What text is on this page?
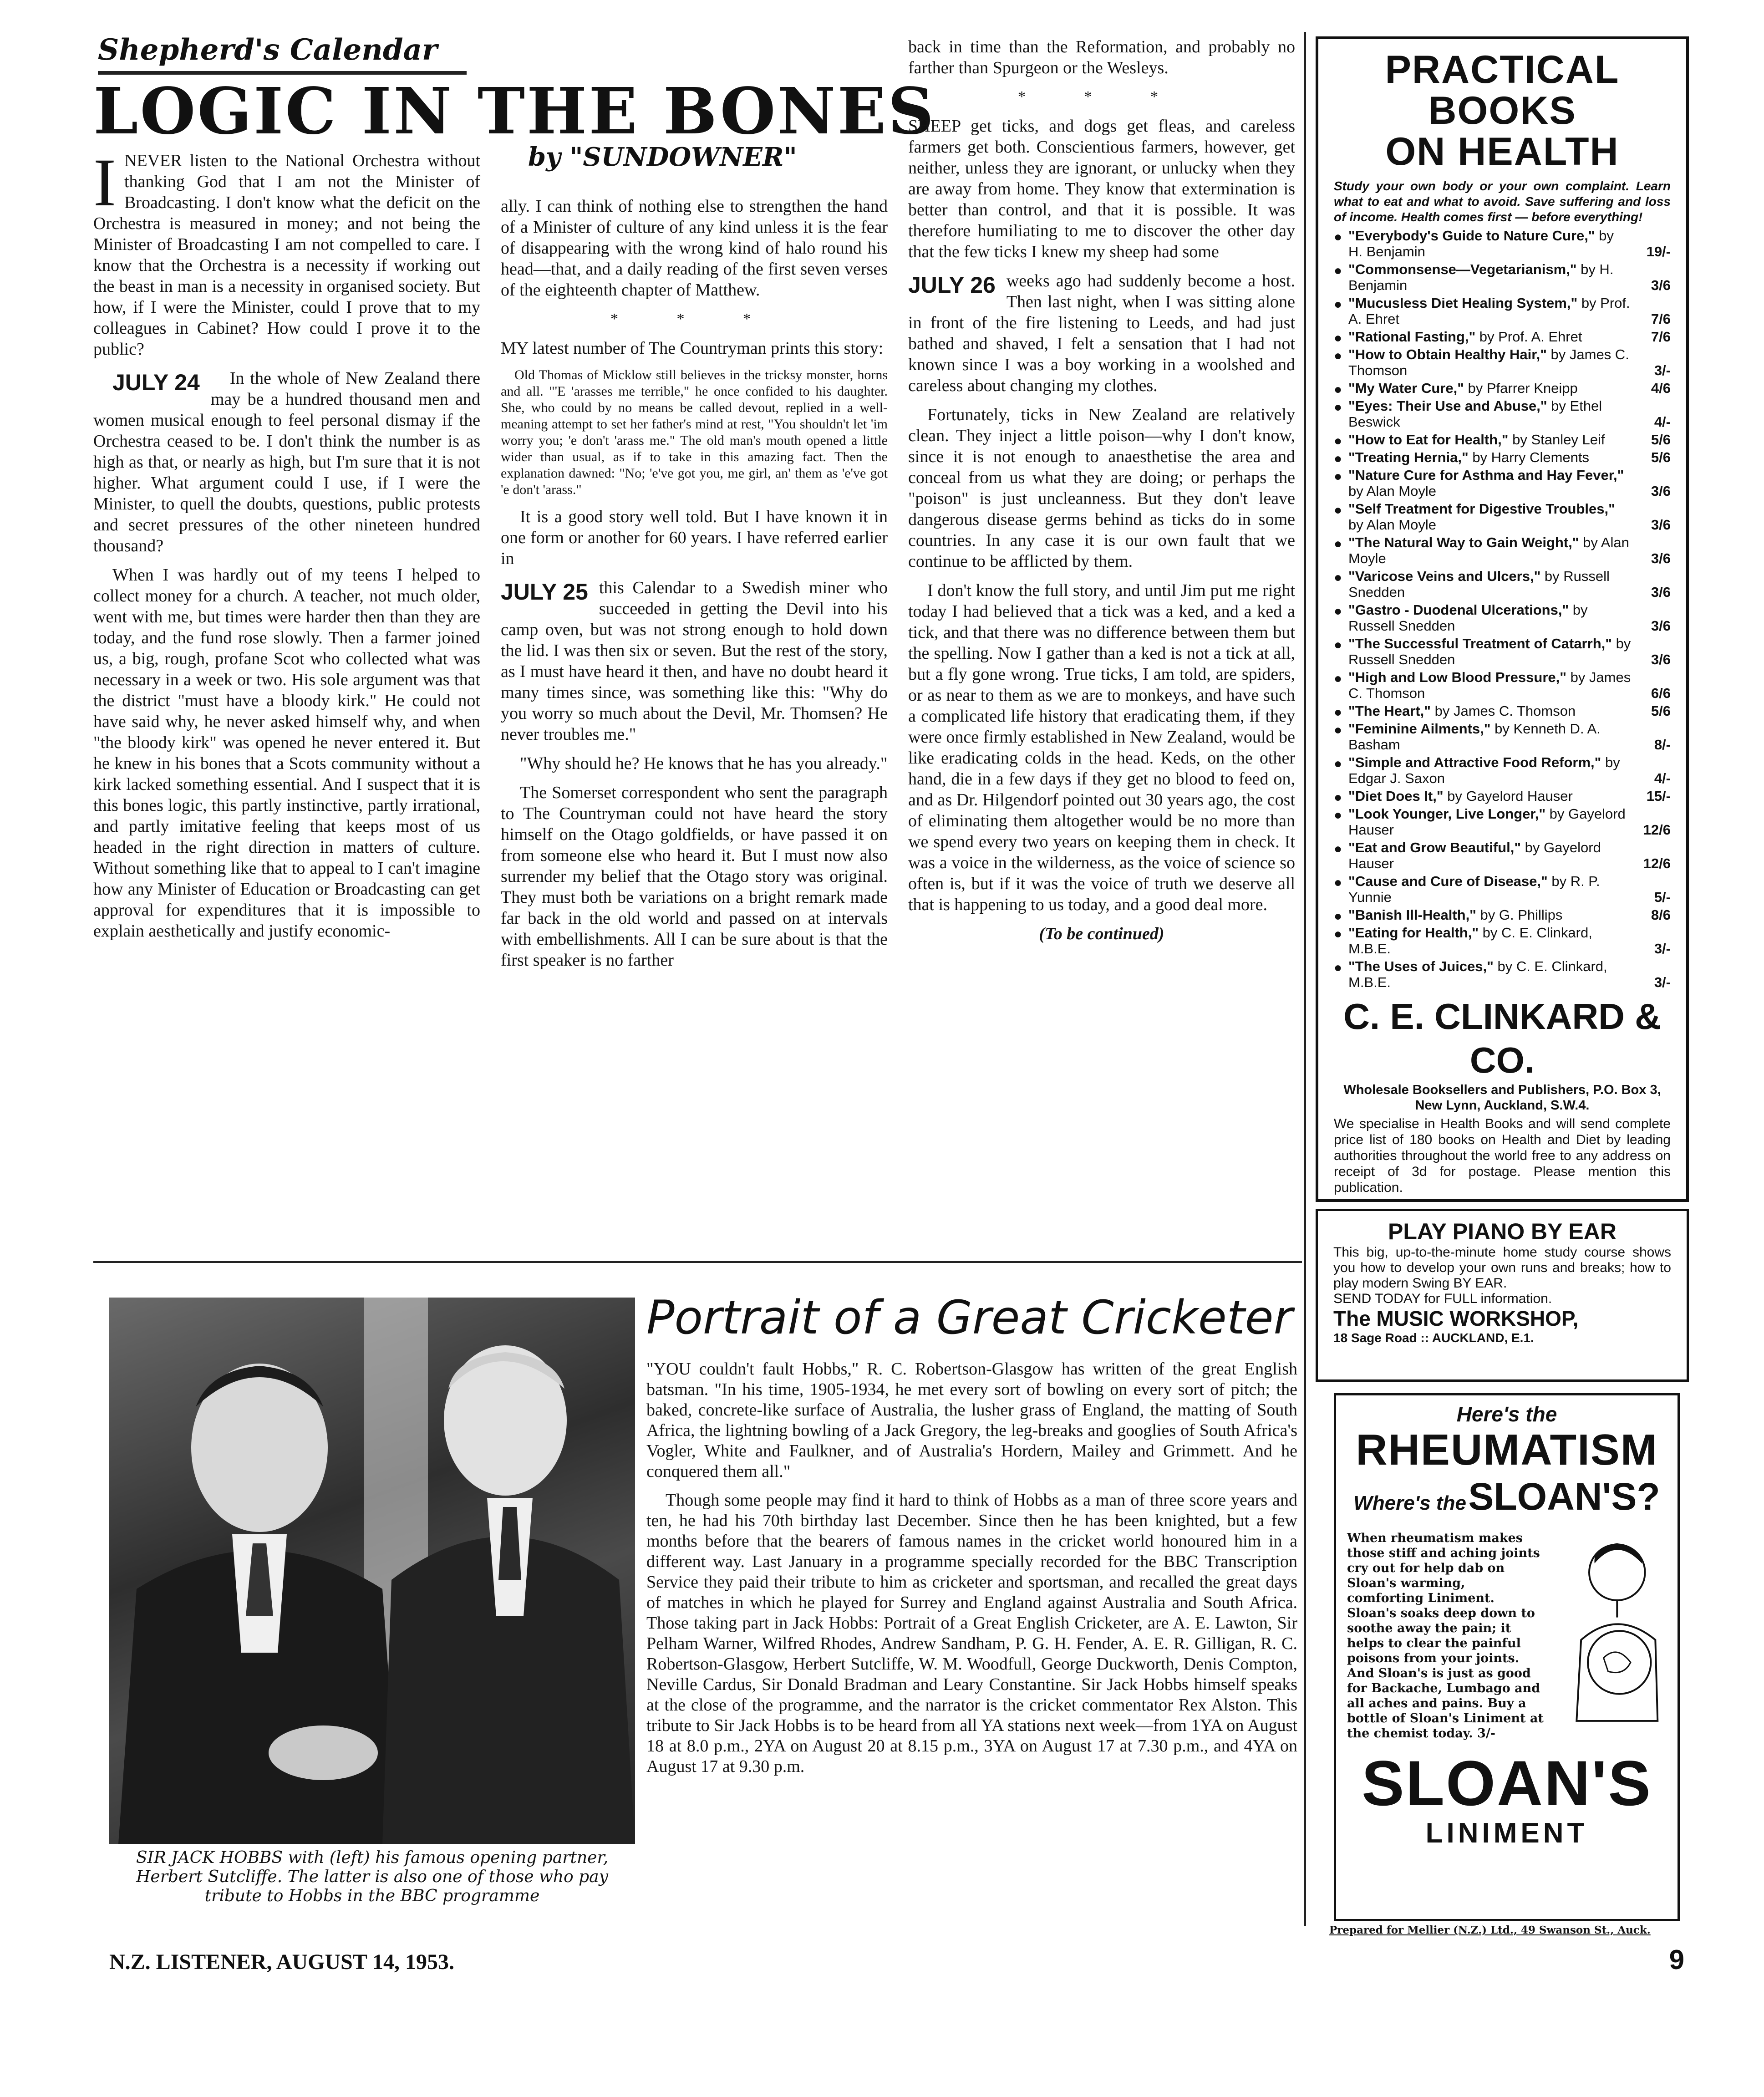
Shepherd's Calendar
LOGIC IN THE BONES
by "SUNDOWNER"

I NEVER listen to the National Orchestra without thanking God that I am not the Minister of Broadcasting. I don't know what the deficit on the Orchestra is measured in money; and not being the Minister of Broadcasting I am not compelled to care. I know that the Orchestra is a necessity if working out the beast in man is a necessity in organised society. But how, if I were the Minister, could I prove that to my colleagues in Cabinet? How could I prove it to the public?

JULY 24 In the whole of New Zealand there may be a hundred thousand men and women musical enough to feel personal dismay if the Orchestra ceased to be. I don't think the number is as high as that, or nearly as high, but I'm sure that it is not higher. What argument could I use, if I were the Minister, to quell the doubts, questions, public protests and secret pressures of the other nineteen hundred thousand?

When I was hardly out of my teens I helped to collect money for a church. A teacher, not much older, went with me, but times were harder then than they are today, and the fund rose slowly. Then a farmer joined us, a big, rough, profane Scot who collected what was necessary in a week or two. His sole argument was that the district "must have a bloody kirk." He could not have said why, he never asked himself why, and when "the bloody kirk" was opened he never entered it. But he knew in his bones that a Scots community without a kirk lacked something essential. And I suspect that it is this bones logic, this partly instinctive, partly irrational, and partly imitative feeling that keeps most of us headed in the right direction in matters of culture. Without something like that to appeal to I can't imagine how any Minister of Education or Broadcasting can get approval for expenditures that it is impossible to explain aesthetically and justify economic-

ally. I can think of nothing else to strengthen the hand of a Minister of culture of any kind unless it is the fear of disappearing with the wrong kind of halo round his head—that, and a daily reading of the first seven verses of the eighteenth chapter of Matthew.

* * *

MY latest number of The Countryman prints this story:

Old Thomas of Micklow still believes in the tricksy monster, horns and all. "'E 'arasses me terrible," he once confided to his daughter. She, who could by no means be called devout, replied in a well-meaning attempt to set her father's mind at rest, "You shouldn't let 'im worry you; 'e don't 'arass me." The old man's mouth opened a little wider than usual, as if to take in this amazing fact. Then the explanation dawned: "No; 'e've got you, me girl, an' them as 'e've got 'e don't 'arass."

It is a good story well told. But I have known it in one form or another for 60 years. I have referred earlier in

JULY 25 this Calendar to a Swedish miner who succeeded in getting the Devil into his camp oven, but was not strong enough to hold down the lid. I was then six or seven. But the rest of the story, as I must have heard it then, and have no doubt heard it many times since, was something like this: "Why do you worry so much about the Devil, Mr. Thomsen? He never troubles me."

"Why should he? He knows that he has you already."

The Somerset correspondent who sent the paragraph to The Countryman could not have heard the story himself on the Otago goldfields, or have passed it on from someone else who heard it. But I must now also surrender my belief that the Otago story was original. They must both be variations on a bright remark made far back in the old world and passed on at intervals with embellishments. All I can be sure about is that the first speaker is no farther

back in time than the Reformation, and probably no farther than Spurgeon or the Wesleys.

* * *

SHEEP get ticks, and dogs get fleas, and careless farmers get both. Conscientious farmers, however, get neither, unless they are ignorant, or unlucky when they are away from home. They know that extermination is better than control, and that it is possible. It was therefore humiliating to me to discover the other day that the few ticks I knew my sheep had some

JULY 26 weeks ago had suddenly become a host. Then last night, when I was sitting alone in front of the fire listening to Leeds, and had just bathed and shaved, I felt a sensation that I had not known since I was a boy working in a woolshed and careless about changing my clothes.

Fortunately, ticks in New Zealand are relatively clean. They inject a little poison—why I don't know, since it is not enough to anaesthetise the area and conceal from us what they are doing; or perhaps the "poison" is just uncleanness. But they don't leave dangerous disease germs behind as ticks do in some countries. In any case it is our own fault that we continue to be afflicted by them.

I don't know the full story, and until Jim put me right today I had believed that a tick was a ked, and a ked a tick, and that there was no difference between them but the spelling. Now I gather than a ked is not a tick at all, but a fly gone wrong. True ticks, I am told, are spiders, or as near to them as we are to monkeys, and have such a complicated life history that eradicating them, if they were once firmly established in New Zealand, would be like eradicating colds in the head. Keds, on the other hand, die in a few days if they get no blood to feed on, and as Dr. Hilgendorf pointed out 30 years ago, the cost of eliminating them altogether would be no more than we spend every two years on keeping them in check. It was a voice in the wilderness, as the voice of science so often is, but if it was the voice of truth we deserve all that is happening to us today, and a good deal more.

(To be continued)
PRACTICAL BOOKS
ON HEALTH
Study your own body or your own complaint. Learn what to eat and what to avoid. Save suffering and loss of income. Health comes first — before everything!
● "Everybody's Guide to Nature Cure," by H. Benjamin	19/-
● "Commonsense—Vegetarianism," by H. Benjamin	3/6
● "Mucusless Diet Healing System," by Prof. A. Ehret	7/6
● "Rational Fasting," by Prof. A. Ehret	7/6
● "How to Obtain Healthy Hair," by James C. Thomson	3/-
● "My Water Cure," by Pfarrer Kneipp	4/6
● "Eyes: Their Use and Abuse," by Ethel Beswick	4/-
● "How to Eat for Health," by Stanley Leif	5/6
● "Treating Hernia," by Harry Clements	5/6
● "Nature Cure for Asthma and Hay Fever," by Alan Moyle	3/6
● "Self Treatment for Digestive Troubles," by Alan Moyle	3/6
● "The Natural Way to Gain Weight," by Alan Moyle	3/6
● "Varicose Veins and Ulcers," by Russell Snedden	3/6
● "Gastro - Duodenal Ulcerations," by Russell Snedden	3/6
● "The Successful Treatment of Catarrh," by Russell Snedden	3/6
● "High and Low Blood Pressure," by James C. Thomson	6/6
● "The Heart," by James C. Thomson	5/6
● "Feminine Ailments," by Kenneth D. A. Basham	8/-
● "Simple and Attractive Food Reform," by Edgar J. Saxon	4/-
● "Diet Does It," by Gayelord Hauser	15/-
● "Look Younger, Live Longer," by Gayelord Hauser	12/6
● "Eat and Grow Beautiful," by Gayelord Hauser	12/6
● "Cause and Cure of Disease," by R. P. Yunnie	5/-
● "Banish Ill-Health," by G. Phillips	8/6
● "Eating for Health," by C. E. Clinkard, M.B.E.	3/-
● "The Uses of Juices," by C. E. Clinkard, M.B.E.	3/-
C. E. CLINKARD & CO.
Wholesale Booksellers and Publishers, P.O. Box 3, New Lynn, Auckland, S.W.4.
We specialise in Health Books and will send complete price list of 180 books on Health and Diet by leading authorities throughout the world free to any address on receipt of 3d for postage. Please mention this publication.
PLAY PIANO BY EAR
This big, up-to-the-minute home study course shows you how to develop your own runs and breaks; how to play modern Swing BY EAR.
SEND TODAY for FULL information.
The MUSIC WORKSHOP,
18 Sage Road :: AUCKLAND, E.1.
Here's the
RHEUMATISM
Where's the SLOAN'S?
When rheumatism makes those stiff and aching joints cry out for help dab on Sloan's warming, comforting Liniment. Sloan's soaks deep down to soothe away the pain; it helps to clear the painful poisons from your joints. And Sloan's is just as good for Backache, Lumbago and all aches and pains. Buy a bottle of Sloan's Liniment at the chemist today. 3/-
SLOAN'S
LINIMENT
Prepared for Mellier (N.Z.) Ltd., 49 Swanson St., Auck.
SIR JACK HOBBS with (left) his famous opening partner, Herbert Sutcliffe. The latter is also one of those who pay tribute to Hobbs in the BBC programme
Portrait of a Great Cricketer

"YOU couldn't fault Hobbs," R. C. Robertson-Glasgow has written of the great English batsman. "In his time, 1905-1934, he met every sort of bowling on every sort of pitch; the baked, concrete-like surface of Australia, the lusher grass of England, the matting of South Africa, the lightning bowling of a Jack Gregory, the leg-breaks and googlies of South Africa's Vogler, White and Faulkner, and of Australia's Hordern, Mailey and Grimmett. And he conquered them all."

Though some people may find it hard to think of Hobbs as a man of three score years and ten, he had his 70th birthday last December. Since then he has been knighted, but a few months before that the bearers of famous names in the cricket world honoured him in a different way. Last January in a programme specially recorded for the BBC Transcription Service they paid their tribute to him as cricketer and sportsman, and recalled the great days of matches in which he played for Surrey and England against Australia and South Africa. Those taking part in Jack Hobbs: Portrait of a Great English Cricketer, are A. E. Lawton, Sir Pelham Warner, Wilfred Rhodes, Andrew Sandham, P. G. H. Fender, A. E. R. Gilligan, R. C. Robertson-Glasgow, Herbert Sutcliffe, W. M. Woodfull, George Duckworth, Denis Compton, Neville Cardus, Sir Donald Bradman and Leary Constantine. Sir Jack Hobbs himself speaks at the close of the programme, and the narrator is the cricket commentator Rex Alston. This tribute to Sir Jack Hobbs is to be heard from all YA stations next week—from 1YA on August 18 at 8.0 p.m., 2YA on August 20 at 8.15 p.m., 3YA on August 17 at 7.30 p.m., and 4YA on August 17 at 9.30 p.m.

N.Z. LISTENER, AUGUST 14, 1953.	9
